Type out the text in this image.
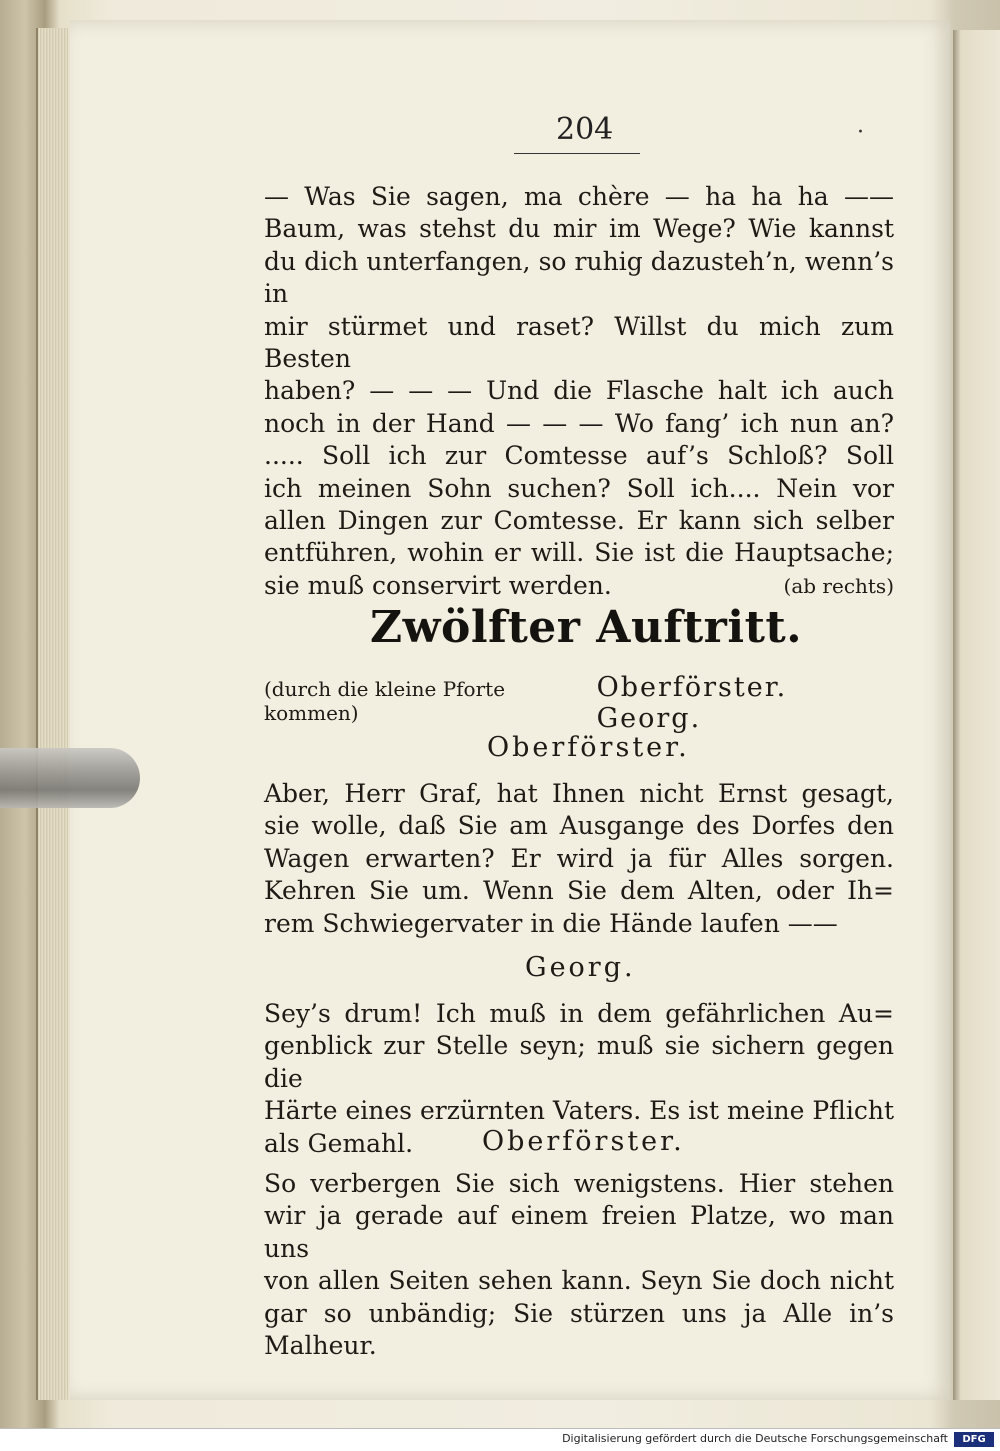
204	·
— Was Sie sagen, ma chère — ha ha ha ——
Baum, was stehst du mir im Wege? Wie kannst
du dich unterfangen, so ruhig dazusteh’n, wenn’s in
mir stürmet und raset? Willst du mich zum Besten
haben? — — — Und die Flasche halt ich auch
noch in der Hand — — — Wo fang’ ich nun an?
..... Soll ich zur Comtesse auf’s Schloß? Soll
ich meinen Sohn suchen? Soll ich.... Nein vor
allen Dingen zur Comtesse. Er kann sich selber
entführen, wohin er will. Sie ist die Hauptsache;
sie muß conservirt werden.	(ab rechts)
Zwölfter Auftritt.
(durch die kleine Pforte kommen)
Oberförster. Georg.
Oberförster.
Aber, Herr Graf, hat Ihnen nicht Ernst gesagt,
sie wolle, daß Sie am Ausgange des Dorfes den
Wagen erwarten? Er wird ja für Alles sorgen.
Kehren Sie um. Wenn Sie dem Alten, oder Ih=
rem Schwiegervater in die Hände laufen ——
Georg.
Sey’s drum! Ich muß in dem gefährlichen Au=
genblick zur Stelle seyn; muß sie sichern gegen die
Härte eines erzürnten Vaters. Es ist meine Pflicht
als Gemahl.	Oberförster.
So verbergen Sie sich wenigstens. Hier stehen
wir ja gerade auf einem freien Platze, wo man uns
von allen Seiten sehen kann. Seyn Sie doch nicht
gar so unbändig; Sie stürzen uns ja Alle in’s
Malheur.
Digitalisierung gefördert durch die Deutsche Forschungsgemeinschaft	DFG
